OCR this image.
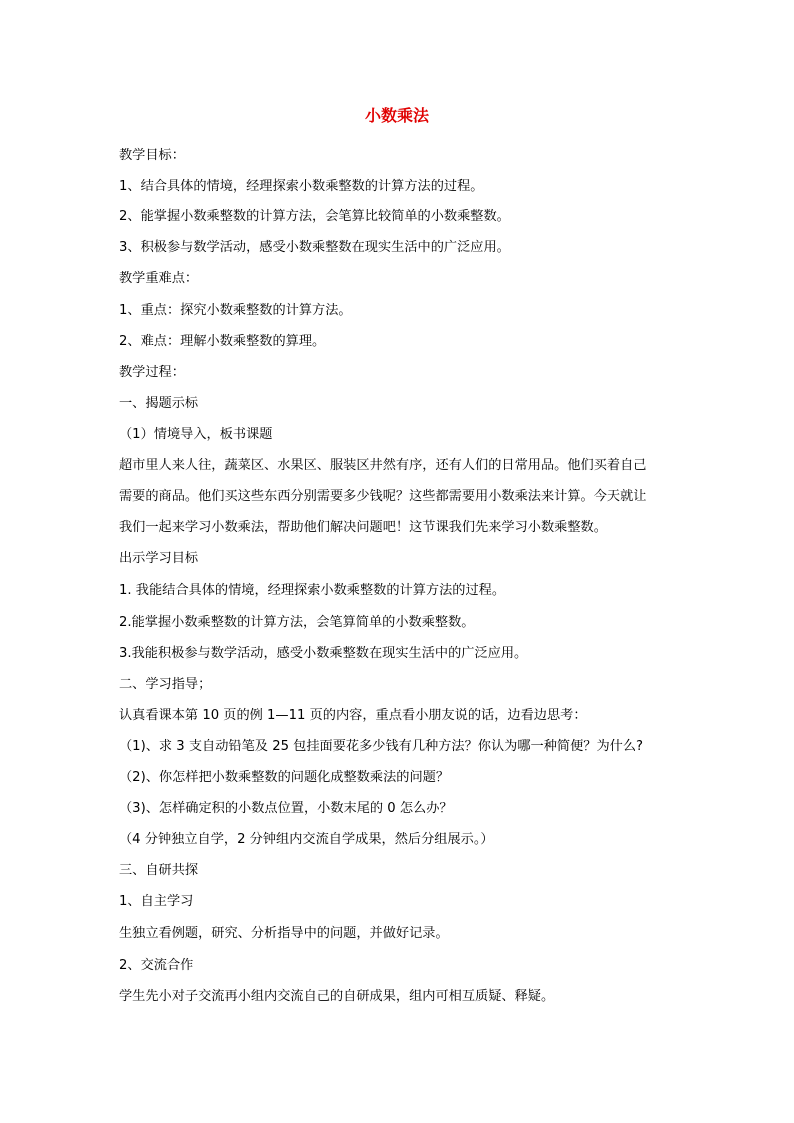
小数乘法
教学目标：
1、结合具体的情境，经理探索小数乘整数的计算方法的过程。
2、能掌握小数乘整数的计算方法，会笔算比较简单的小数乘整数。
3、积极参与数学活动，感受小数乘整数在现实生活中的广泛应用。
教学重难点：
1、重点：探究小数乘整数的计算方法。
2、难点：理解小数乘整数的算理。
教学过程：
一、揭题示标
（1）情境导入，板书课题
超市里人来人往，蔬菜区、水果区、服装区井然有序，还有人们的日常用品。他们买着自己
需要的商品。他们买这些东西分别需要多少钱呢？这些都需要用小数乘法来计算。今天就让
我们一起来学习小数乘法，帮助他们解决问题吧！这节课我们先来学习小数乘整数。
出示学习目标
1. 我能结合具体的情境，经理探索小数乘整数的计算方法的过程。
2.能掌握小数乘整数的计算方法，会笔算简单的小数乘整数。
3.我能积极参与数学活动，感受小数乘整数在现实生活中的广泛应用。
二、学习指导；
认真看课本第 10 页的例 1—11 页的内容，重点看小朋友说的话，边看边思考：
（1)、求 3 支自动铅笔及 25 包挂面要花多少钱有几种方法？你认为哪一种简便？为什么?
（2)、你怎样把小数乘整数的问题化成整数乘法的问题？
（3)、怎样确定积的小数点位置，小数末尾的 0 怎么办？
（4 分钟独立自学，2 分钟组内交流自学成果，然后分组展示。）
三、自研共探
1、自主学习
生独立看例题，研究、分析指导中的问题，并做好记录。
2、交流合作
学生先小对子交流再小组内交流自己的自研成果，组内可相互质疑、释疑。
